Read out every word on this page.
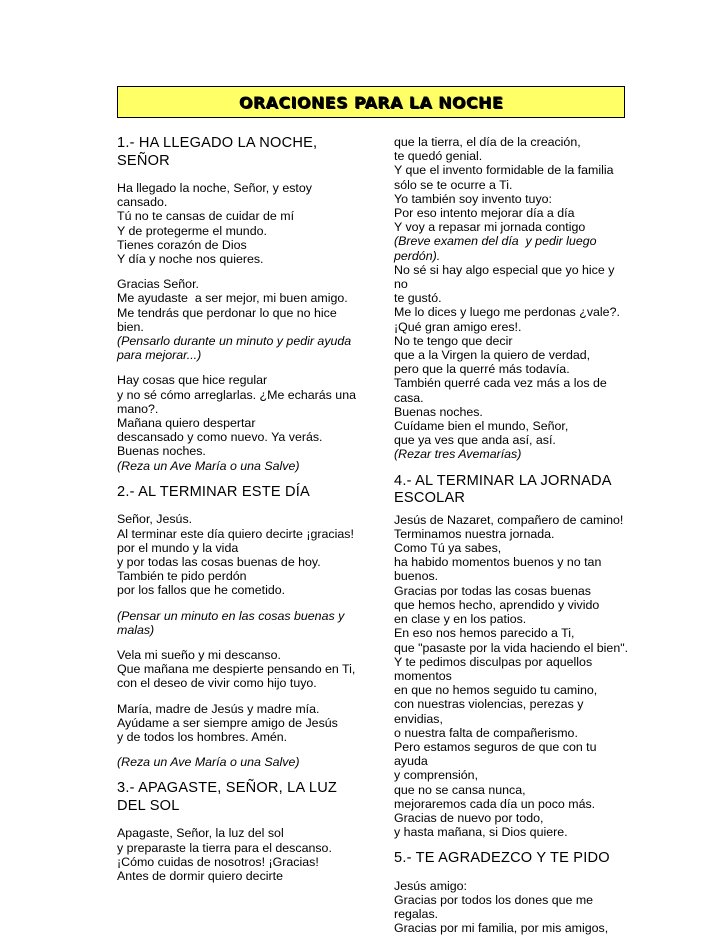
ORACIONES PARA LA NOCHE
1.- HA LLEGADO LA NOCHE,
SEÑOR
Ha llegado la noche, Señor, y estoy
cansado.
Tú no te cansas de cuidar de mí
Y de protegerme el mundo.
Tienes corazón de Dios
Y día y noche nos quieres.
Gracias Señor.
Me ayudaste  a ser mejor, mi buen amigo.
Me tendrás que perdonar lo que no hice
bien.
(Pensarlo durante un minuto y pedir ayuda
para mejorar...)
Hay cosas que hice regular
y no sé cómo arreglarlas. ¿Me echarás una
mano?.
Mañana quiero despertar
descansado y como nuevo. Ya verás.
Buenas noches.
(Reza un Ave María o una Salve)
2.- AL TERMINAR ESTE DÍA
Señor, Jesús.
Al terminar este día quiero decirte ¡gracias!
por el mundo y la vida
y por todas las cosas buenas de hoy.
También te pido perdón
por los fallos que he cometido.
(Pensar un minuto en las cosas buenas y
malas)
Vela mi sueño y mi descanso.
Que mañana me despierte pensando en Ti,
con el deseo de vivir como hijo tuyo.
María, madre de Jesús y madre mía.
Ayúdame a ser siempre amigo de Jesús
y de todos los hombres. Amén.
(Reza un Ave María o una Salve)
3.- APAGASTE, SEÑOR, LA LUZ
DEL SOL
Apagaste, Señor, la luz del sol
y preparaste la tierra para el descanso.
¡Cómo cuidas de nosotros! ¡Gracias!
Antes de dormir quiero decirte
que la tierra, el día de la creación,
te quedó genial.
Y que el invento formidable de la familia
sólo se te ocurre a Ti.
Yo también soy invento tuyo:
Por eso intento mejorar día a día
Y voy a repasar mi jornada contigo
(Breve examen del día  y pedir luego
perdón).
No sé si hay algo especial que yo hice y no
te gustó.
Me lo dices y luego me perdonas ¿vale?.
¡Qué gran amigo eres!.
No te tengo que decir
que a la Virgen la quiero de verdad,
pero que la querré más todavía.
También querré cada vez más a los de
casa.
Buenas noches.
Cuídame bien el mundo, Señor,
que ya ves que anda así, así.
(Rezar tres Avemarías)
4.- AL TERMINAR LA JORNADA
ESCOLAR
Jesús de Nazaret, compañero de camino!
Terminamos nuestra jornada.
Como Tú ya sabes,
ha habido momentos buenos y no tan
buenos.
Gracias por todas las cosas buenas
que hemos hecho, aprendido y vivido
en clase y en los patios.
En eso nos hemos parecido a Ti,
que "pasaste por la vida haciendo el bien".
Y te pedimos disculpas por aquellos
momentos
en que no hemos seguido tu camino,
con nuestras violencias, perezas y envidias,
o nuestra falta de compañerismo.
Pero estamos seguros de que con tu ayuda
y comprensión,
que no se cansa nunca,
mejoraremos cada día un poco más.
Gracias de nuevo por todo,
y hasta mañana, si Dios quiere.
5.- TE AGRADEZCO Y TE PIDO
Jesús amigo:
Gracias por todos los dones que me
regalas.
Gracias por mi familia, por mis amigos,
